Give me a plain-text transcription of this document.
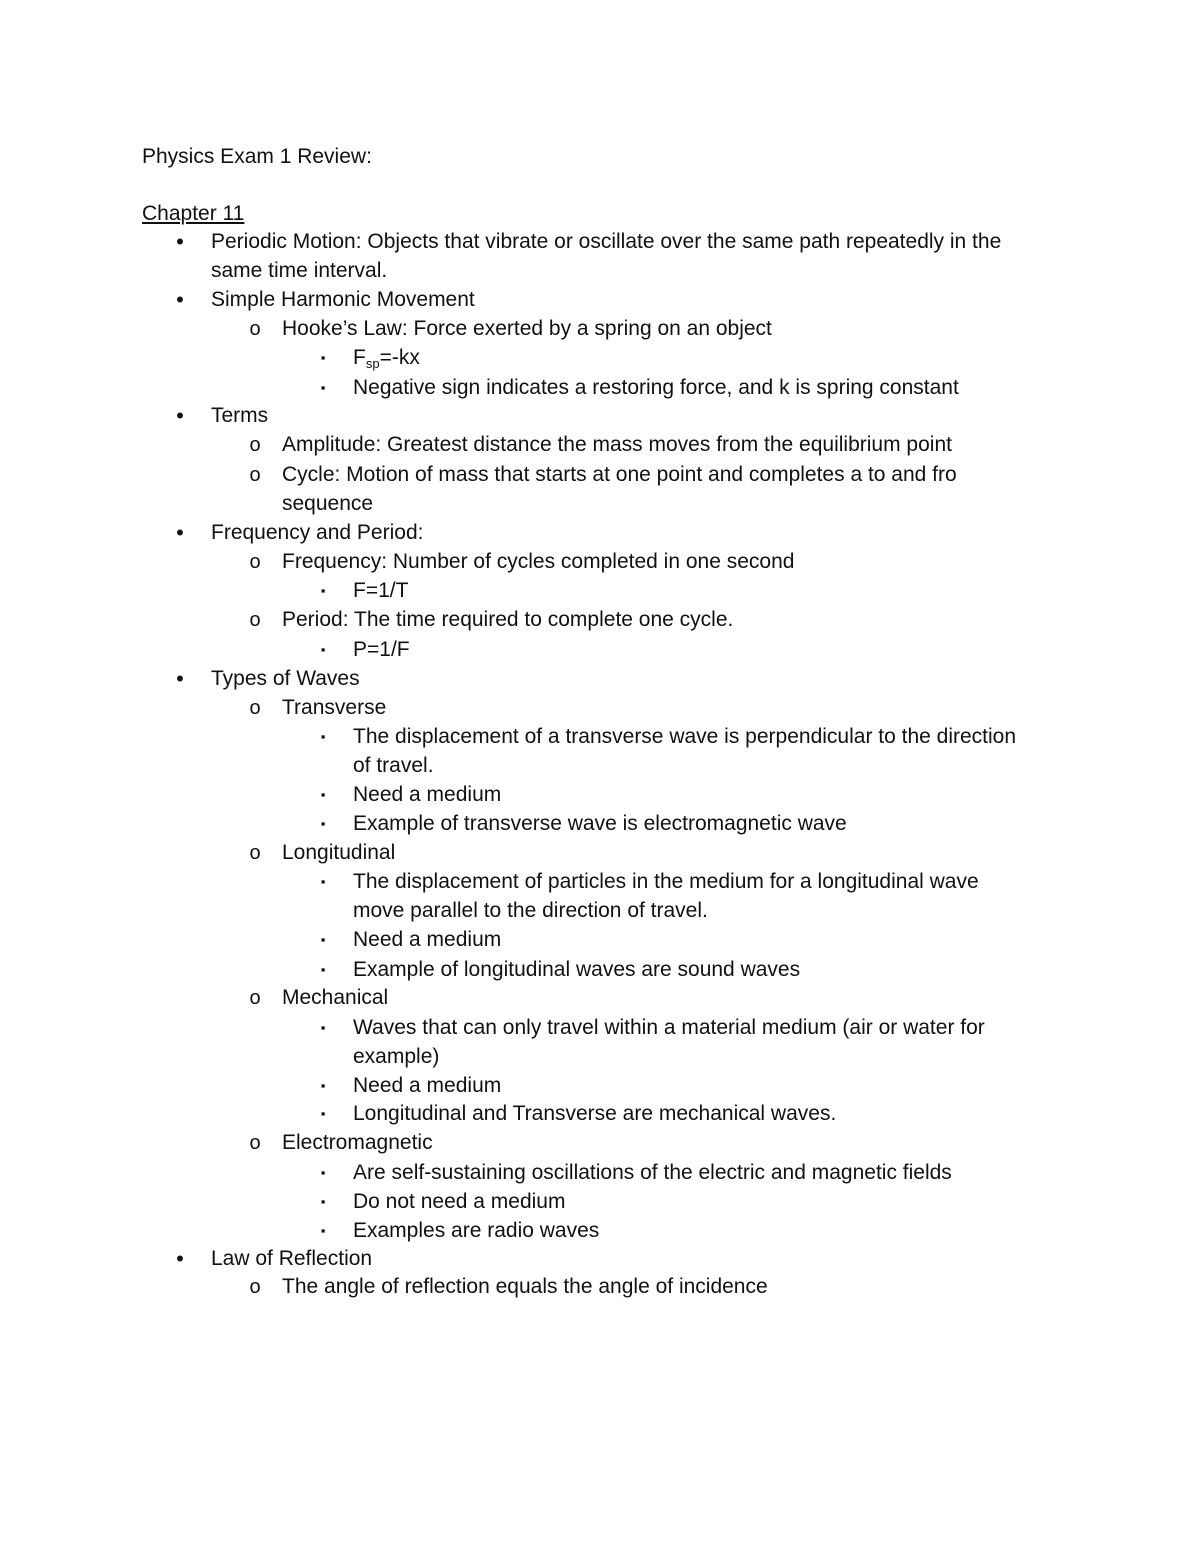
Physics Exam 1 Review:
Chapter 11
•	Periodic Motion: Objects that vibrate or oscillate over the same path repeatedly in the
same time interval.
•	Simple Harmonic Movement
o	Hooke’s Law: Force exerted by a spring on an object
▪	$F_{sp}=-kx$
▪	Negative sign indicates a restoring force, and k is spring constant
•	Terms
o	Amplitude: Greatest distance the mass moves from the equilibrium point
o	Cycle: Motion of mass that starts at one point and completes a to and fro
sequence
•	Frequency and Period:
o	Frequency: Number of cycles completed in one second
▪	F=1/T
o	Period: The time required to complete one cycle.
▪	P=1/F
•	Types of Waves
o	Transverse
▪	The displacement of a transverse wave is perpendicular to the direction
of travel.
▪	Need a medium
▪	Example of transverse wave is electromagnetic wave
o	Longitudinal
▪	The displacement of particles in the medium for a longitudinal wave
move parallel to the direction of travel.
▪	Need a medium
▪	Example of longitudinal waves are sound waves
o	Mechanical
▪	Waves that can only travel within a material medium (air or water for
example)
▪	Need a medium
▪	Longitudinal and Transverse are mechanical waves.
o	Electromagnetic
▪	Are self-sustaining oscillations of the electric and magnetic fields
▪	Do not need a medium
▪	Examples are radio waves
•	Law of Reflection
o	The angle of reflection equals the angle of incidence
